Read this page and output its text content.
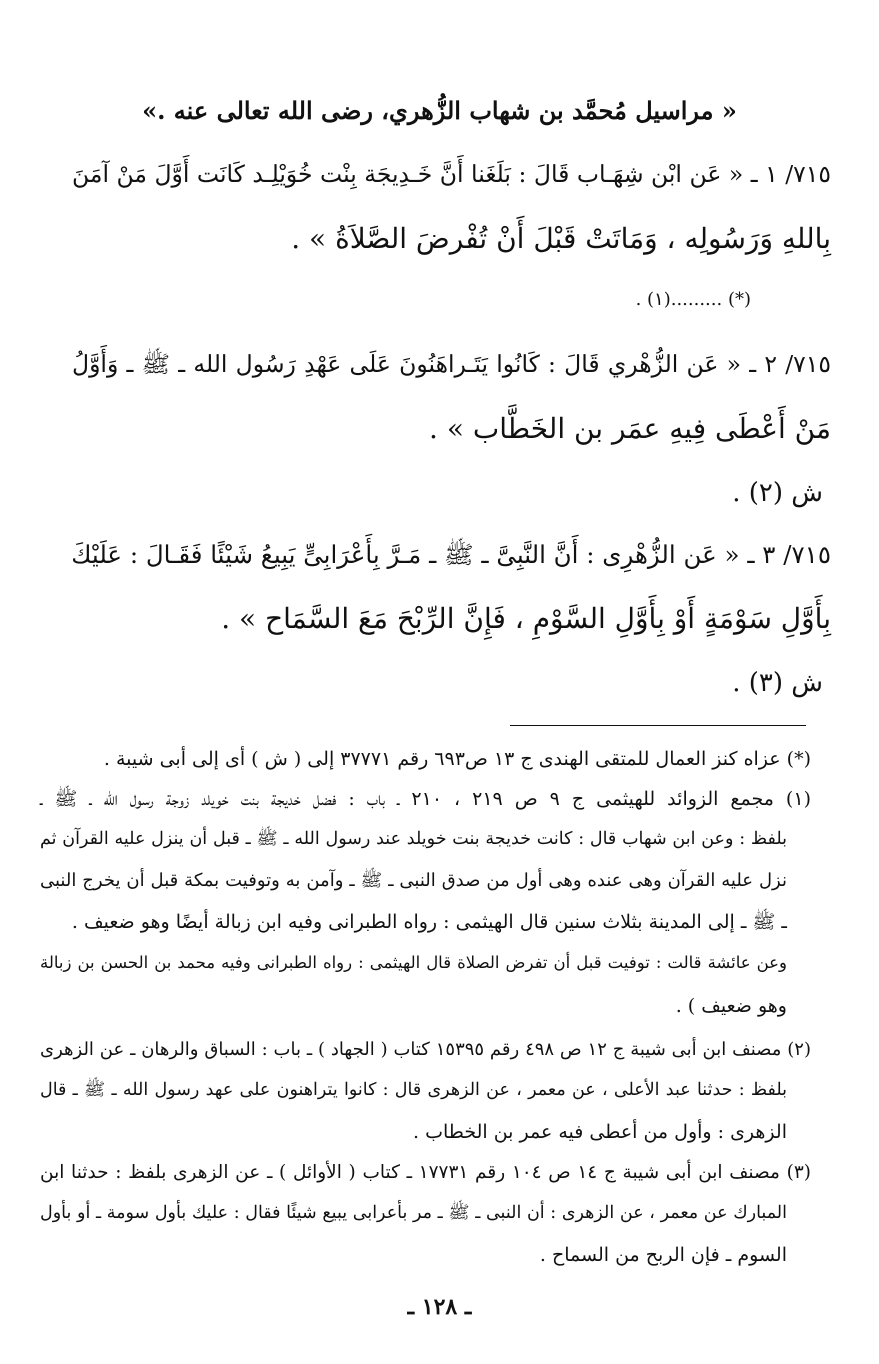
« مراسيل مُحمَّد بن شهاب الزُّهري، رضى الله تعالى عنه .»
٧١٥/ ١ ـ « عَن ابْن شِهَـاب قَالَ : بَلَغَنا أَنَّ خَـدِيجَة بِنْت خُوَيْلِـد كَانَت أَوَّلَ مَنْ آمَنَ
بِاللهِ وَرَسُولِه ، وَمَاتَتْ قَبْلَ أَنْ تُفْرضَ الصَّلاَةُ » .
(*) .........(١) .
٧١٥/ ٢ ـ « عَن الزُّهْري قَالَ : كَانُوا يَتَـراهَنُونَ عَلَى عَهْدِ رَسُول الله ـ ﷺ ـ وَأَوَّلُ
مَنْ أَعْطَى فِيهِ عمَر بن الخَطَّاب » .
ش (٢) .
٧١٥/ ٣ ـ « عَن الزُّهْرِى : أَنَّ النَّبِىَّ ـ ﷺ ـ مَـرَّ بِأَعْرَابِىٍّ يَبِيعُ شَيْئًا فَقَـالَ : عَلَيْكَ
بِأَوَّلِ سَوْمَةٍ أَوْ بِأَوَّلِ السَّوْمِ ، فَإِنَّ الرِّبْحَ مَعَ السَّمَاح » .
ش (٣) .
(*) عزاه كنز العمال للمتقى الهندى ج ١٣ ص٦٩٣ رقم ٣٧٧٧١ إلى ( ش ) أى إلى أبى شيبة .
(١) مجمع الزوائد للهيثمى ج ٩ ص ٢١٩ ، ٢١٠ ـ باب : فضل خديجة بنت خويلد زوجة رسول الله ـ ﷺ ـ
بلفظ : وعن ابن شهاب قال : كانت خديجة بنت خويلد عند رسول الله ـ ﷺ ـ قبل أن ينزل عليه القرآن ثم
نزل عليه القرآن وهى عنده وهى أول من صدق النبى ـ ﷺ ـ وآمن به وتوفيت بمكة قبل أن يخرج النبى
ـ ﷺ ـ إلى المدينة بثلاث سنين قال الهيثمى : رواه الطبرانى وفيه ابن زبالة أيضًا وهو ضعيف .
وعن عائشة قالت : توفيت قبل أن تفرض الصلاة قال الهيثمى : رواه الطبرانى وفيه محمد بن الحسن بن زبالة
وهو ضعيف ) .
(٢) مصنف ابن أبى شيبة ج ١٢ ص ٤٩٨ رقم ١٥٣٩٥ كتاب ( الجهاد ) ـ باب : السباق والرهان ـ عن الزهرى
بلفظ : حدثنا عبد الأعلى ، عن معمر ، عن الزهرى قال : كانوا يتراهنون على عهد رسول الله ـ ﷺ ـ قال
الزهرى : وأول من أعطى فيه عمر بن الخطاب .
(٣) مصنف ابن أبى شيبة ج ١٤ ص ١٠٤ رقم ١٧٧٣١ ـ كتاب ( الأوائل ) ـ عن الزهرى بلفظ : حدثنا ابن
المبارك عن معمر ، عن الزهرى : أن النبى ـ ﷺ ـ مر بأعرابى يبيع شيئًا فقال : عليك بأول سومة ـ أو بأول
السوم ـ فإن الربح من السماح .
ـ ١٢٨ ـ
